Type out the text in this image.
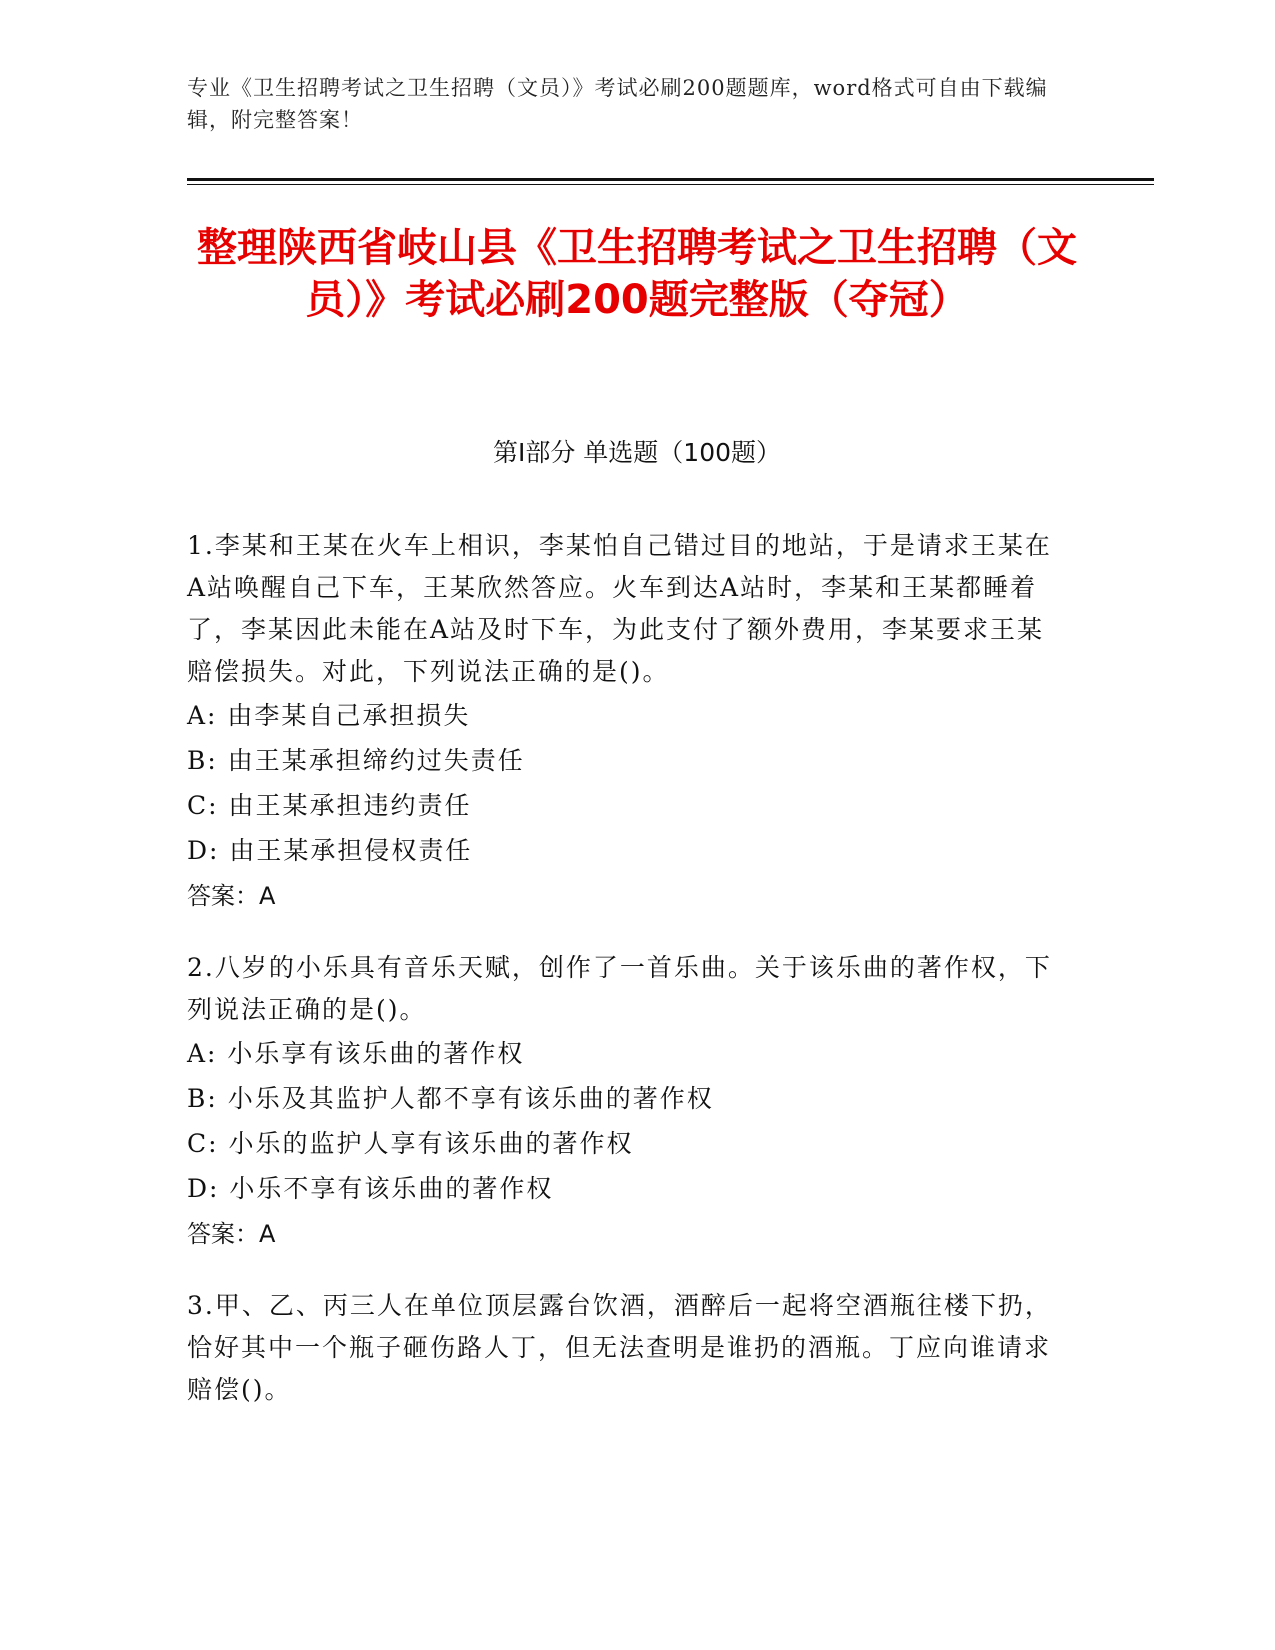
专业《卫生招聘考试之卫生招聘（文员）》考试必刷200题题库，word格式可自由下载编辑，附完整答案！
整理陕西省岐山县《卫生招聘考试之卫生招聘（文员）》考试必刷200题完整版（夺冠）
第I部分 单选题（100题）

1.李某和王某在火车上相识，李某怕自己错过目的地站，于是请求王某在A站唤醒自己下车，王某欣然答应。火车到达A站时，李某和王某都睡着了，李某因此未能在A站及时下车，为此支付了额外费用，李某要求王某赔偿损失。对此，下列说法正确的是()。

A: 由李某自己承担损失

B: 由王某承担缔约过失责任

C: 由王某承担违约责任

D: 由王某承担侵权责任

答案：A

2.八岁的小乐具有音乐天赋，创作了一首乐曲。关于该乐曲的著作权，下列说法正确的是()。

A: 小乐享有该乐曲的著作权

B: 小乐及其监护人都不享有该乐曲的著作权

C: 小乐的监护人享有该乐曲的著作权

D: 小乐不享有该乐曲的著作权

答案：A

3.甲、乙、丙三人在单位顶层露台饮酒，酒醉后一起将空酒瓶往楼下扔，恰好其中一个瓶子砸伤路人丁，但无法查明是谁扔的酒瓶。丁应向谁请求赔偿()。
